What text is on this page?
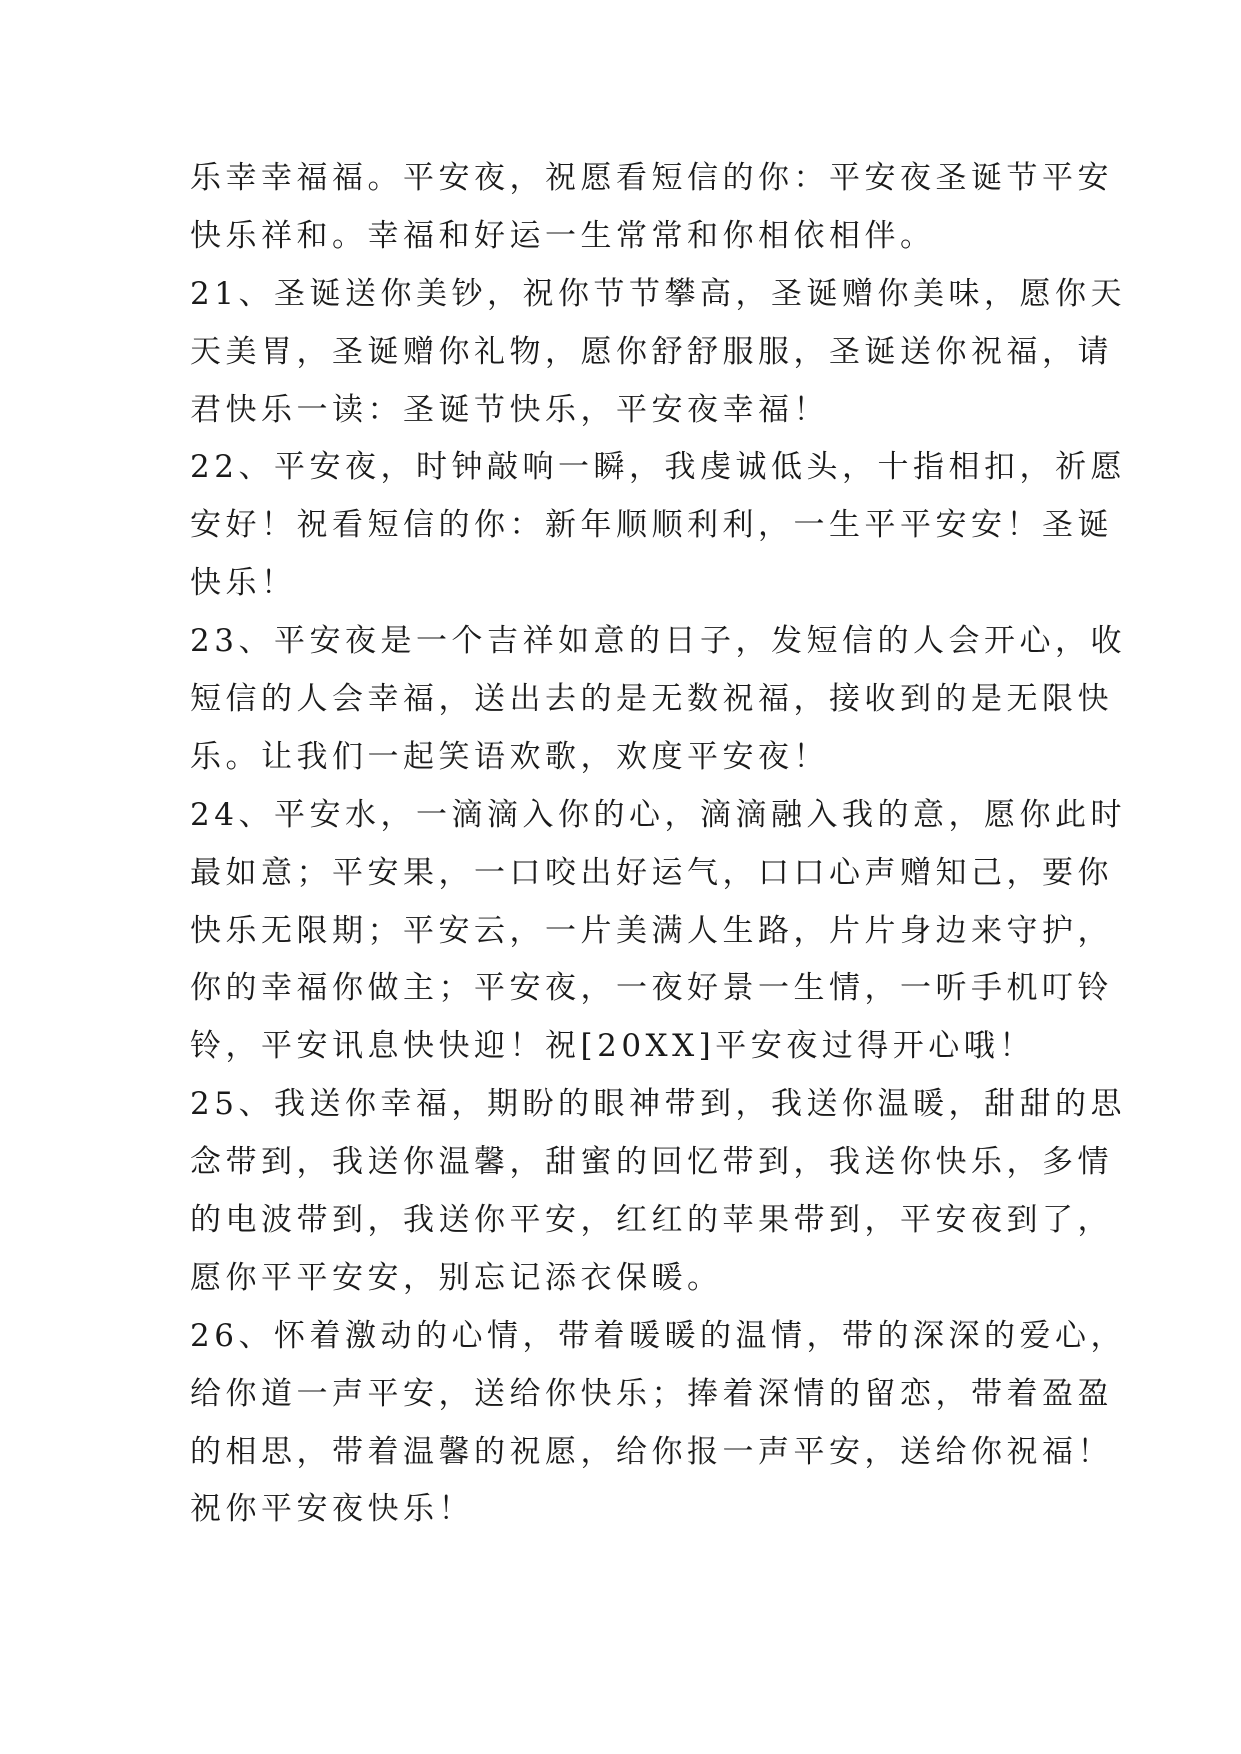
乐幸幸福福。平安夜，祝愿看短信的你：平安夜圣诞节平安
快乐祥和。幸福和好运一生常常和你相依相伴。
21、圣诞送你美钞，祝你节节攀高，圣诞赠你美味，愿你天
天美胃，圣诞赠你礼物，愿你舒舒服服，圣诞送你祝福，请
君快乐一读：圣诞节快乐，平安夜幸福！
22、平安夜，时钟敲响一瞬，我虔诚低头，十指相扣，祈愿
安好！祝看短信的你：新年顺顺利利，一生平平安安！圣诞
快乐！
23、平安夜是一个吉祥如意的日子，发短信的人会开心，收
短信的人会幸福，送出去的是无数祝福，接收到的是无限快
乐。让我们一起笑语欢歌，欢度平安夜！
24、平安水，一滴滴入你的心，滴滴融入我的意，愿你此时
最如意；平安果，一口咬出好运气，口口心声赠知己，要你
快乐无限期；平安云，一片美满人生路，片片身边来守护，
你的幸福你做主；平安夜，一夜好景一生情，一听手机叮铃
铃，平安讯息快快迎！祝[20XX]平安夜过得开心哦！
25、我送你幸福，期盼的眼神带到，我送你温暖，甜甜的思
念带到，我送你温馨，甜蜜的回忆带到，我送你快乐，多情
的电波带到，我送你平安，红红的苹果带到，平安夜到了，
愿你平平安安，别忘记添衣保暖。
26、怀着激动的心情，带着暖暖的温情，带的深深的爱心，
给你道一声平安，送给你快乐；捧着深情的留恋，带着盈盈
的相思，带着温馨的祝愿，给你报一声平安，送给你祝福！
祝你平安夜快乐！
